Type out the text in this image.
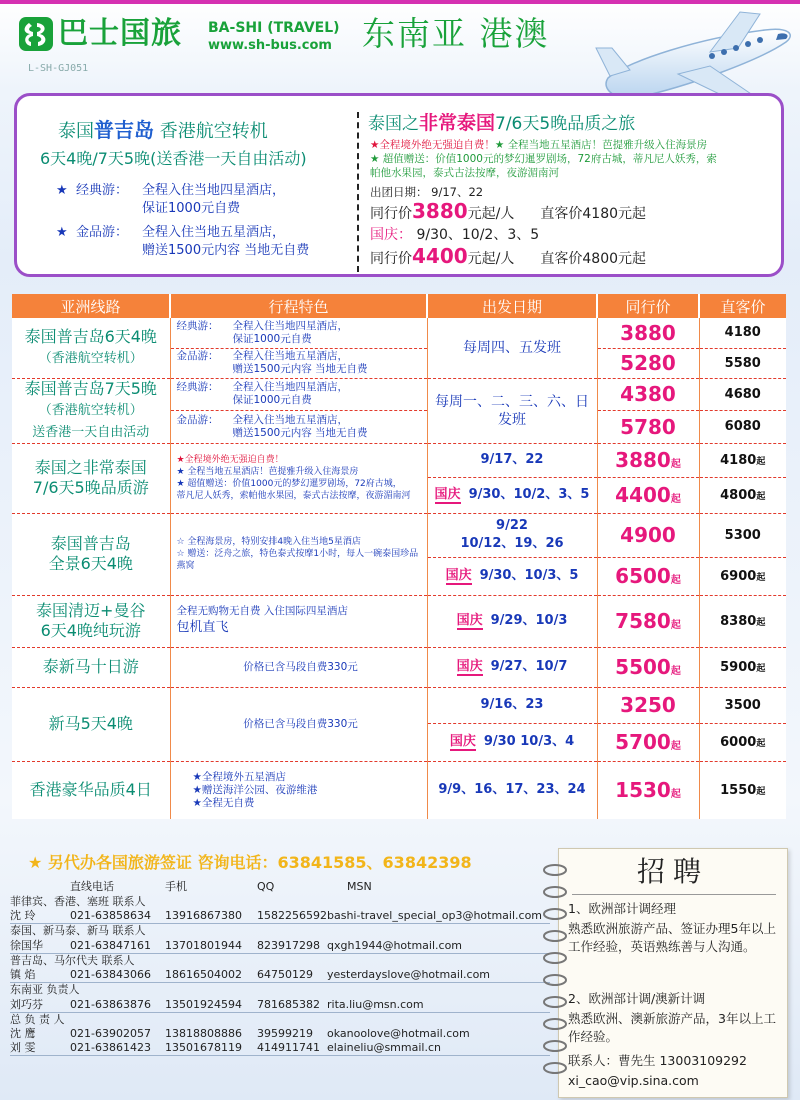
巴士国旅 BA-SHI (TRAVEL)
www.sh-bus.com
L-SH-GJ051
东南亚 港澳
泰国普吉岛 香港航空转机
6天4晚/7天5晚(送香港一天自由活动)
★ 经典游： 全程入住当地四星酒店，
保证1000元自费
★ 金品游： 全程入住当地五星酒店，
赠送1500元内容 当地无自费
泰国之非常泰国7/6天5晚品质之旅
★全程境外绝无强迫自费！★ 全程当地五星酒店！芭提雅升级入住海景房
★ 超值赠送：价值1000元的梦幻暹罗剧场，72府古城，蒂凡尼人妖秀，索
帕他水果园，泰式古法按摩，夜游湄南河
出团日期： 9/17、22
同行价3880元起/人 直客价4180元起
国庆： 9/30、10/2、3、5
同行价4400元起/人 直客价4800元起
亚洲线路	行程特色	出发日期	同行价	直客价
泰国普吉岛6天4晚
（香港航空转机）	经典游： 全程入住当地四星酒店，
保证1000元自费	每周四、五发班	3880	4180

	金品游： 全程入住当地五星酒店，
赠送1500元内容 当地无自费		5280	5580
泰国普吉岛7天5晚
（香港航空转机）
送香港一天自由活动	经典游： 全程入住当地四星酒店，
保证1000元自费	每周一、二、三、六、日
发班	4380	4680

	金品游： 全程入住当地五星酒店，
赠送1500元内容 当地无自费		5780	6080
泰国之非常泰国
7/6天5晚品质游	★全程境外绝无强迫自费！
★ 全程当地五星酒店！芭提雅升级入住海景房
★ 超值赠送：价值1000元的梦幻暹罗剧场，72府古城，
蒂凡尼人妖秀，索帕他水果园，泰式古法按摩，夜游湄南河	9/17、22	3880起	4180起
		国庆 9/30、10/2、3、5	4400起	4800起
泰国普吉岛
全景6天4晚	☆ 全程海景房，特别安排4晚入住当地5星酒店
☆ 赠送：泛舟之旅，特色泰式按摩1小时，每人一碗泰国珍品
燕窝	9/22
10/12、19、26	4900	5300
		国庆 9/30、10/3、5	6500起	6900起
泰国清迈+曼谷
6天4晚纯玩游	全程无购物无自费 入住国际四星酒店
包机直飞	国庆 9/29、10/3	7580起	8380起
泰新马十日游	价格已含马段自费330元	国庆 9/27、10/7	5500起	5900起
新马5天4晚	价格已含马段自费330元	9/16、23	3250	3500
		国庆 9/30 10/3、4	5700起	6000起
香港豪华品质4日	★全程境外五星酒店
★赠送海洋公园、夜游维港
★全程无自费	9/9、16、17、23、24	1530起	1550起
★ 另代办各国旅游签证 咨询电话：63841585、63842398
	直线电话	手机	QQ	MSN
菲律宾、香港、塞班 联系人				
沈 玲	021-63858634	13916867380	1582256592	bashi-travel_special_op3@hotmail.com
泰国、新马泰、新马 联系人				
徐国华	021-63847161	13701801944	823917298	qxgh1944@hotmail.com
普吉岛、马尔代夫 联系人				
镇 焰	021-63843066	18616504002	64750129	yesterdayslove@hotmail.com
东南亚 负责人				
刘巧芬	021-63863876	13501924594	781685382	rita.liu@msn.com
总 负 责 人				
沈 鹰	021-63902057	13818808886	39599219	okanoolove@hotmail.com
刘 雯	021-63861423	13501678119	414911741	elaineliu@smmail.cn
招聘
1、欧洲部计调经理
熟悉欧洲旅游产品、签证办理5年以上工作经验，英语熟练善与人沟通。
2、欧洲部计调/澳新计调
熟悉欧洲、澳新旅游产品，3年以上工作经验。
联系人：曹先生 13003109292
xi_cao@vip.sina.com
